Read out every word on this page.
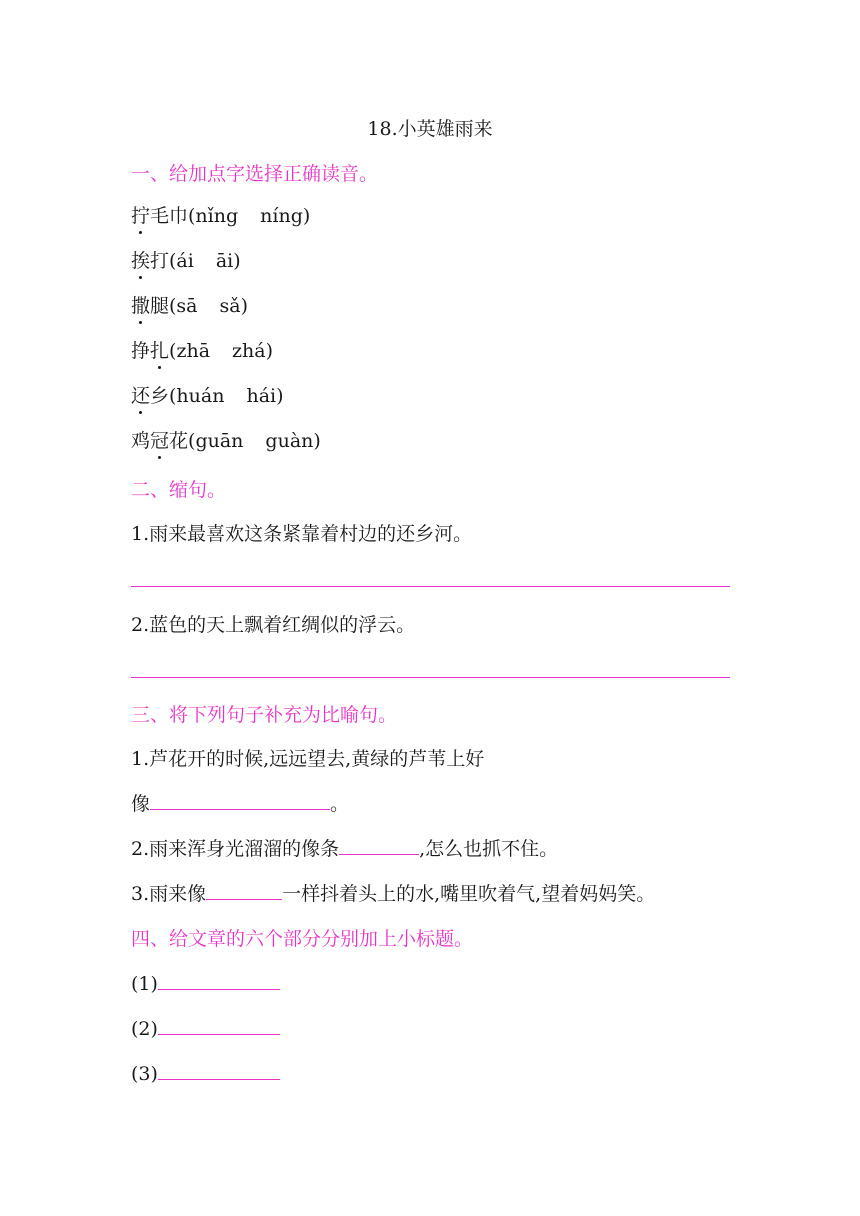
18.小英雄雨来
一、给加点字选择正确读音。
拧毛巾(nǐng níng)
挨打(ái āi)
撒腿(sā sǎ)
挣扎(zhā zhá)
还乡(huán hái)
鸡冠花(guān guàn)
二、缩句。
1.雨来最喜欢这条紧靠着村边的还乡河。
2.蓝色的天上飘着红绸似的浮云。
三、将下列句子补充为比喻句。
1.芦花开的时候,远远望去,黄绿的芦苇上好
像	。
2.雨来浑身光溜溜的像条	,怎么也抓不住。
3.雨来像	一样抖着头上的水,嘴里吹着气,望着妈妈笑。
四、给文章的六个部分分别加上小标题。
(1)
(2)
(3)
